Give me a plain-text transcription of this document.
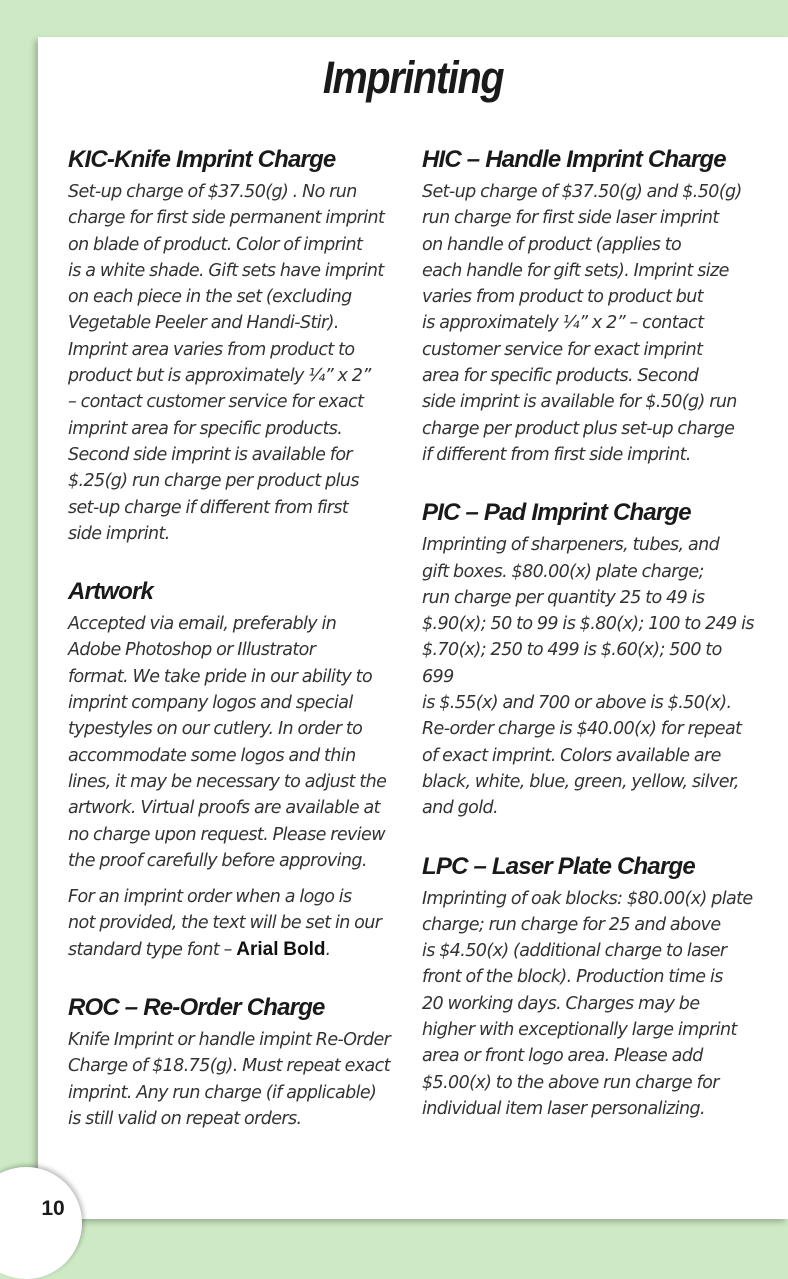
Imprinting
KIC-Knife Imprint Charge

Set-up charge of $37.50(g) . No run
charge for first side permanent imprint
on blade of product. Color of imprint
is a white shade. Gift sets have imprint
on each piece in the set (excluding
Vegetable Peeler and Handi-Stir).
Imprint area varies from product to
product but is approximately ¼” x 2”
– contact customer service for exact
imprint area for specific products.
Second side imprint is available for
$.25(g) run charge per product plus
set-up charge if different from first
side imprint.

Artwork

Accepted via email, preferably in
Adobe Photoshop or Illustrator
format. We take pride in our ability to
imprint company logos and special
typestyles on our cutlery. In order to
accommodate some logos and thin
lines, it may be necessary to adjust the
artwork. Virtual proofs are available at
no charge upon request. Please review
the proof carefully before approving.

For an imprint order when a logo is
not provided, the text will be set in our
standard type font – Arial Bold.

ROC – Re-Order Charge

Knife Imprint or handle impint Re-Order
Charge of $18.75(g). Must repeat exact
imprint. Any run charge (if applicable)
is still valid on repeat orders.

HIC – Handle Imprint Charge

Set-up charge of $37.50(g) and $.50(g)
run charge for first side laser imprint
on handle of product (applies to
each handle for gift sets). Imprint size
varies from product to product but
is approximately ¼” x 2” – contact
customer service for exact imprint
area for specific products. Second
side imprint is available for $.50(g) run
charge per product plus set-up charge
if different from first side imprint.

PIC – Pad Imprint Charge

Imprinting of sharpeners, tubes, and
gift boxes. $80.00(x) plate charge;
run charge per quantity 25 to 49 is
$.90(x); 50 to 99 is $.80(x); 100 to 249 is
$.70(x); 250 to 499 is $.60(x); 500 to 699
is $.55(x) and 700 or above is $.50(x).
Re-order charge is $40.00(x) for repeat
of exact imprint. Colors available are
black, white, blue, green, yellow, silver,
and gold.

LPC – Laser Plate Charge

Imprinting of oak blocks: $80.00(x) plate
charge; run charge for 25 and above
is $4.50(x) (additional charge to laser
front of the block). Production time is
20 working days. Charges may be
higher with exceptionally large imprint
area or front logo area. Please add
$5.00(x) to the above run charge for
individual item laser personalizing.

10
